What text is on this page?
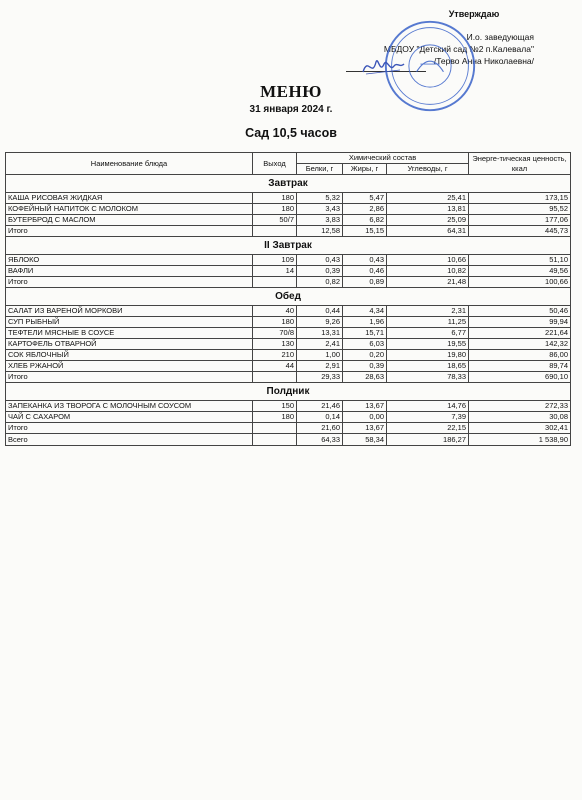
Утверждаю
И.о. заведующая
МБДОУ "Детский сад №2 п.Калевала"
/Терво Анна Николаевна/
МЕНЮ
31 января 2024 г.
Сад 10,5 часов
Наименование блюда	Выход	Химический состав			Энерге-тическая ценность, ккал
		Белки, г	Жиры, г	Углеводы, г	
Завтрак					
КАША РИСОВАЯ ЖИДКАЯ	180	5,32	5,47	25,41	173,15
КОФЕЙНЫЙ НАПИТОК С МОЛОКОМ	180	3,43	2,86	13,81	95,52
БУТЕРБРОД С МАСЛОМ	50/7	3,83	6,82	25,09	177,06
Итого		12,58	15,15	64,31	445,73
II Завтрак					
ЯБЛОКО	109	0,43	0,43	10,66	51,10
ВАФЛИ	14	0,39	0,46	10,82	49,56
Итого		0,82	0,89	21,48	100,66
Обед					
САЛАТ ИЗ ВАРЕНОЙ МОРКОВИ	40	0,44	4,34	2,31	50,46
СУП РЫБНЫЙ	180	9,26	1,96	11,25	99,94
ТЕФТЕЛИ МЯСНЫЕ В СОУСЕ	70/8	13,31	15,71	6,77	221,64
КАРТОФЕЛЬ ОТВАРНОЙ	130	2,41	6,03	19,55	142,32
СОК ЯБЛОЧНЫЙ	210	1,00	0,20	19,80	86,00
ХЛЕБ РЖАНОЙ	44	2,91	0,39	18,65	89,74
Итого		29,33	28,63	78,33	690,10
Полдник					
ЗАПЕКАНКА ИЗ ТВОРОГА С МОЛОЧНЫМ СОУСОМ	150	21,46	13,67	14,76	272,33
ЧАЙ С САХАРОМ	180	0,14	0,00	7,39	30,08
Итого		21,60	13,67	22,15	302,41
Всего		64,33	58,34	186,27	1 538,90
